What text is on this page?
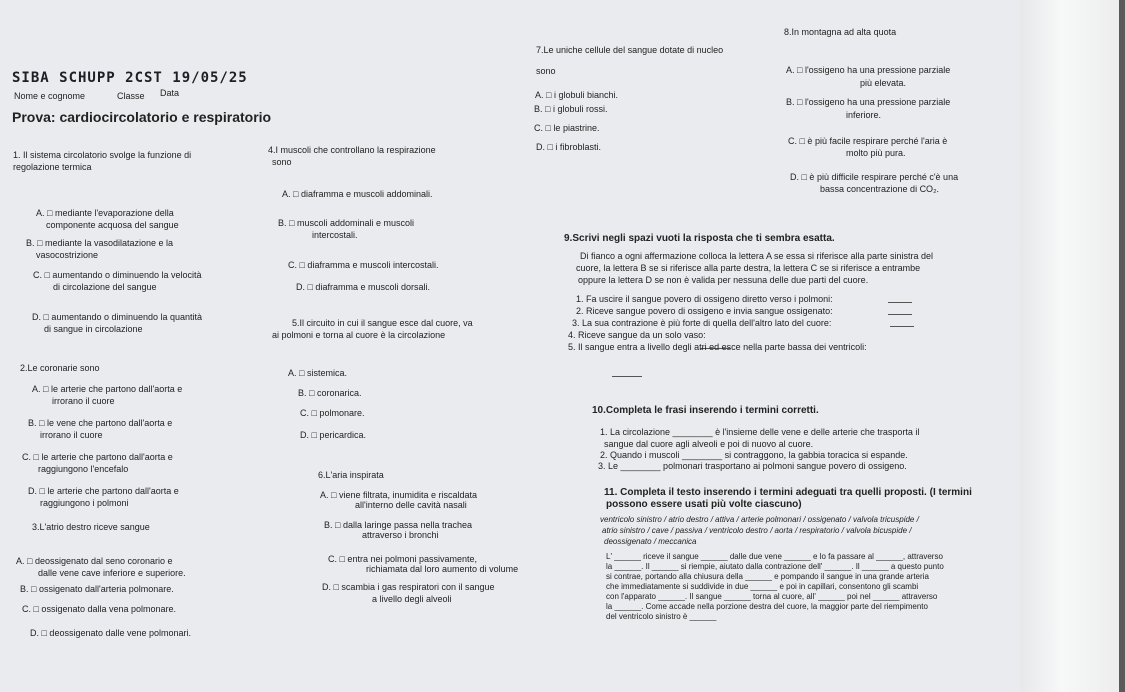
SIBA SCHUPP 2CST 19/05/25
Nome e cognome	Classe Data
Prova: cardiocircolatorio e respiratorio
1. Il sistema circolatorio svolge la funzione di
regolazione termica
A. □ mediante l'evaporazione della
componente acquosa del sangue
B. □ mediante la vasodilatazione e la
vasocostrizione
C. □ aumentando o diminuendo la velocità
di circolazione del sangue
D. □ aumentando o diminuendo la quantità
di sangue in circolazione
2.Le coronarie sono
A. □ le arterie che partono dall'aorta e
irrorano il cuore
B. □ le vene che partono dall'aorta e
irrorano il cuore
C. □ le arterie che partono dall'aorta e
raggiungono l'encefalo
D. □ le arterie che partono dall'aorta e
raggiungono i polmoni
3.L'atrio destro riceve sangue
A. □ deossigenato dal seno coronario e
dalle vene cave inferiore e superiore.
B. □ ossigenato dall'arteria polmonare.
C. □ ossigenato dalla vena polmonare.
D. □ deossigenato dalle vene polmonari.
4.I muscoli che controllano la respirazione
sono
A. □ diaframma e muscoli addominali.
B. □ muscoli addominali e muscoli
intercostali.
C. □ diaframma e muscoli intercostali.
D. □ diaframma e muscoli dorsali.
5.Il circuito in cui il sangue esce dal cuore, va
ai polmoni e torna al cuore è la circolazione
A. □ sistemica.
B. □ coronarica.
C. □ polmonare.
D. □ pericardica.
6.L'aria inspirata
A. □ viene filtrata, inumidita e riscaldata
all'interno delle cavità nasali
B. □ dalla laringe passa nella trachea
attraverso i bronchi
C. □ entra nei polmoni passivamente,
richiamata dal loro aumento di volume
D. □ scambia i gas respiratori con il sangue
a livello degli alveoli
7.Le uniche cellule del sangue dotate di nucleo
sono
A. □ i globuli bianchi.
B. □ i globuli rossi.
C. □ le piastrine.
D. □ i fibroblasti.
8.In montagna ad alta quota
A. □ l'ossigeno ha una pressione parziale
più elevata.
B. □ l'ossigeno ha una pressione parziale
inferiore.
C. □ è più facile respirare perché l'aria è
molto più pura.
D. □ è più difficile respirare perché c'è una
bassa concentrazione di CO₂.
9.Scrivi negli spazi vuoti la risposta che ti sembra esatta.
Di fianco a ogni affermazione colloca la lettera A se essa si riferisce alla parte sinistra del
cuore, la lettera B se si riferisce alla parte destra, la lettera C se si riferisce a entrambe
oppure la lettera D se non è valida per nessuna delle due parti del cuore.
1. Fa uscire il sangue povero di ossigeno diretto verso i polmoni:
2. Riceve sangue povero di ossigeno e invia sangue ossigenato:
3. La sua contrazione è più forte di quella dell'altro lato del cuore:
4. Riceve sangue da un solo vaso:
5. Il sangue entra a livello degli atri ed esce nella parte bassa dei ventricoli:
10.Completa le frasi inserendo i termini corretti.
1. La circolazione ________ è l'insieme delle vene e delle arterie che trasporta il
sangue dal cuore agli alveoli e poi di nuovo al cuore.
2. Quando i muscoli ________ si contraggono, la gabbia toracica si espande.
3. Le ________ polmonari trasportano ai polmoni sangue povero di ossigeno.
11. Completa il testo inserendo i termini adeguati tra quelli proposti. (I termini
possono essere usati più volte ciascuno)
ventricolo sinistro / atrio destro / attiva / arterie polmonari / ossigenato / valvola tricuspide /
atrio sinistro / cave / passiva / ventricolo destro / aorta / respiratorio / valvola bicuspide /
deossigenato / meccanica
L' ______ riceve il sangue ______ dalle due vene ______ e lo fa passare al ______, attraverso
la ______. Il ______ si riempie, aiutato dalla contrazione dell' ______. Il ______ a questo punto
si contrae, portando alla chiusura della ______ e pompando il sangue in una grande arteria
che immediatamente si suddivide in due ______ e poi in capillari, consentono gli scambi
con l'apparato ______. Il sangue ______ torna al cuore, all' ______ poi nel ______ attraverso
la ______. Come accade nella porzione destra del cuore, la maggior parte del riempimento
del ventricolo sinistro è ______
